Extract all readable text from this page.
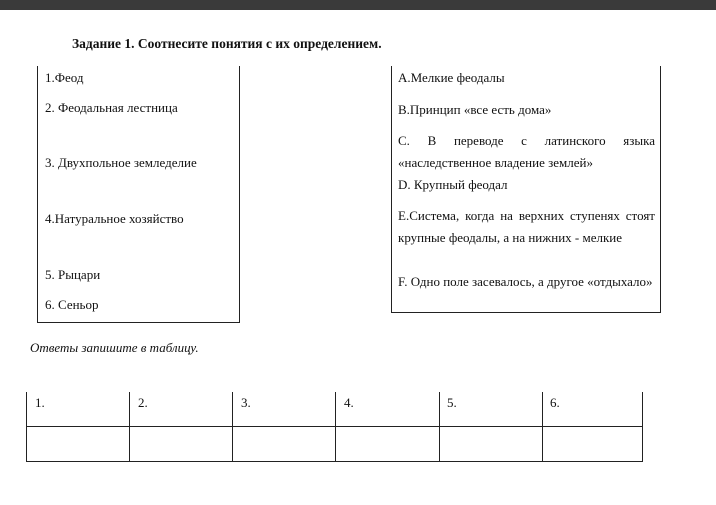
Задание 1. Соотнесите понятия с их определением.
1.Феод
2. Феодальная лестница
3. Двухпольное земледелие
4.Натуральное хозяйство
5. Рыцари
6. Сеньор
А.Мелкие феодалы
В.Принцип «все есть дома»
С. В переводе с латинского языка «наследственное владение землей»
D. Крупный феодал
Е.Система, когда на верхних ступенях стоят крупные феодалы, а на нижних - мелкие
F. Одно поле засевалось, а другое «отдыхало»
Ответы запишите в таблицу.
1.	2.	3.	4.	5.	6.
